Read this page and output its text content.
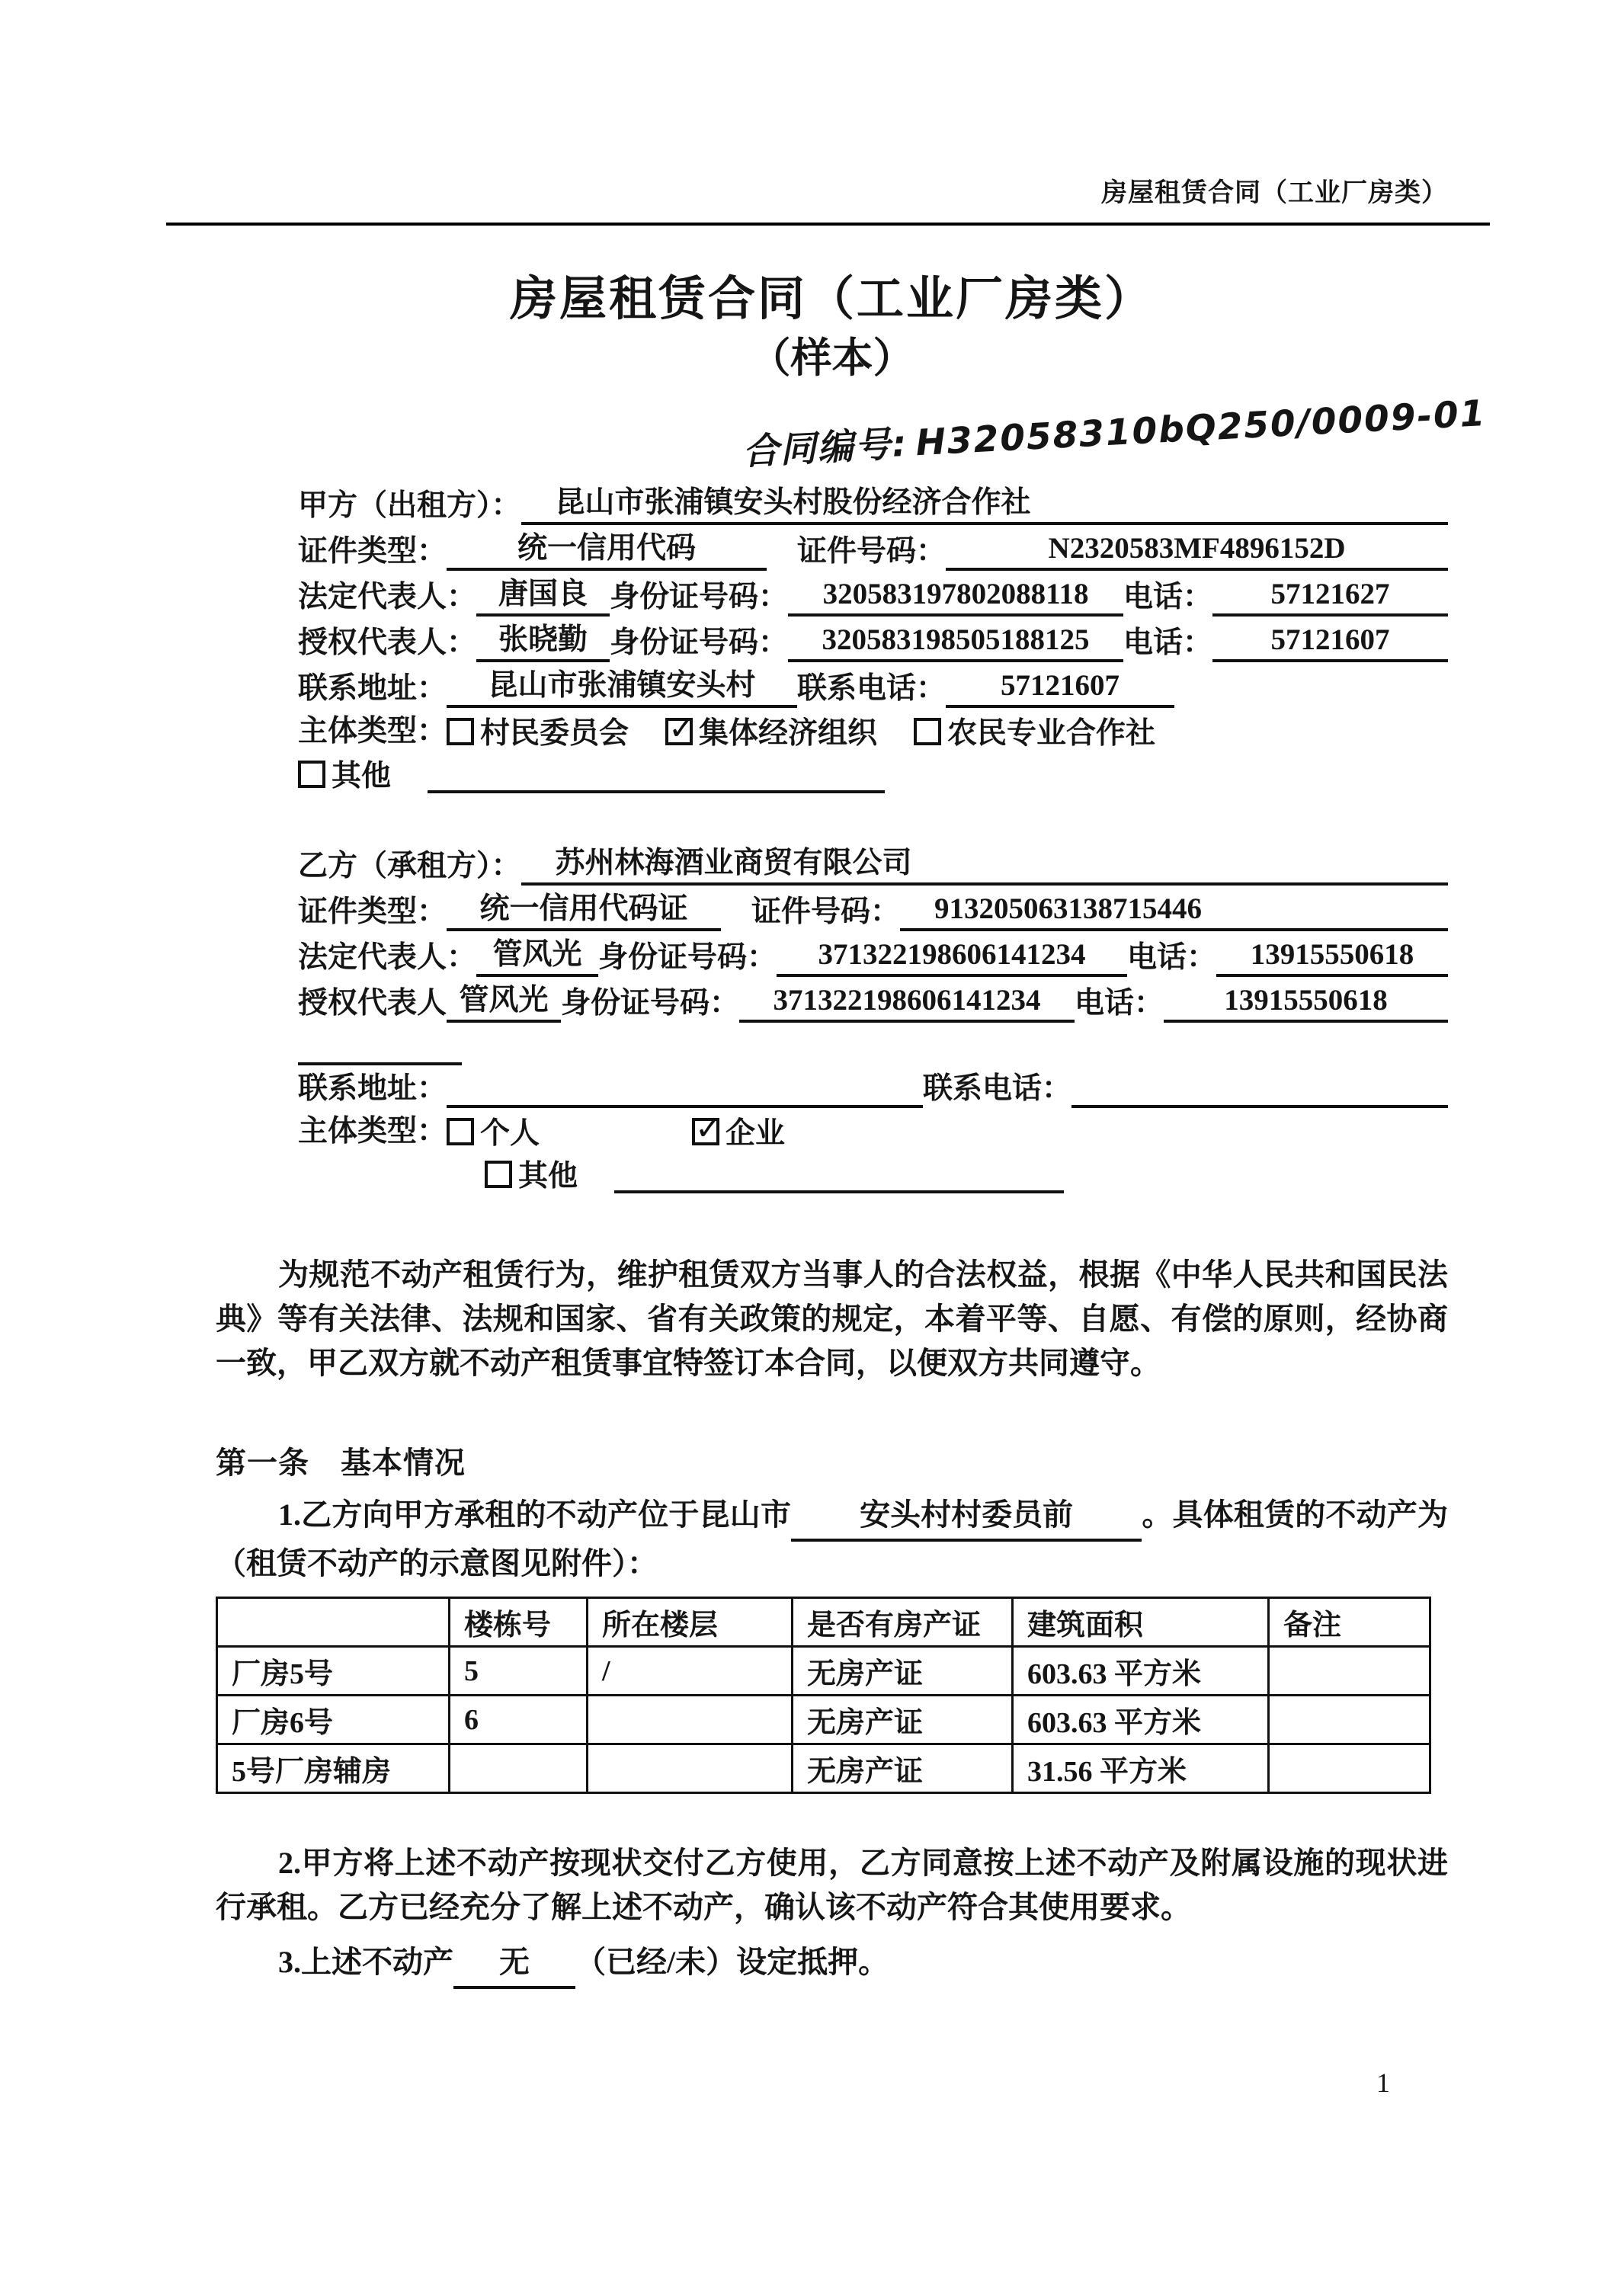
房屋租赁合同（工业厂房类）
房屋租赁合同（工业厂房类）
（样本）
合同编号: H32058310bQ250/0009-01
甲方（出租方）：	昆山市张浦镇安头村股份经济合作社
证件类型：	统一信用代码	证件号码：	N2320583MF4896152D
法定代表人： 唐国良 身份证号码：	320583197802088118	电话：	57121627
授权代表人： 张晓勤 身份证号码：	320583198505188125	电话：	57121607
联系地址：	昆山市张浦镇安头村	联系电话：	57121607
主体类型： 村民委员会 ✓ 集体经济组织 农民专业合作社
其他
乙方（承租方）：	苏州林海酒业商贸有限公司
证件类型：	统一信用代码证	证件号码：	913205063138715446
法定代表人： 管风光 身份证号码：	371322198606141234	电话：	13915550618
授权代表人 管风光 身份证号码：	371322198606141234	电话：	13915550618
联系地址：	联系电话：
主体类型： 个人 ✓	企业
其他

为规范不动产租赁行为，维护租赁双方当事人的合法权益，根据《中华人民共和国民法典》等有关法律、法规和国家、省有关政策的规定，本着平等、自愿、有偿的原则，经协商一致，甲乙双方就不动产租赁事宜特签订本合同，以便双方共同遵守。

第一条　基本情况

1.乙方向甲方承租的不动产位于昆山市 安头村村委员前 。具体租赁的不动产为（租赁不动产的示意图见附件）：

	楼栋号	所在楼层	是否有房产证	建筑面积	备注
厂房5号	5	/	无房产证	603.63 平方米	
厂房6号	6		无房产证	603.63 平方米	
5号厂房辅房			无房产证	31.56 平方米	

2.甲方将上述不动产按现状交付乙方使用，乙方同意按上述不动产及附属设施的现状进行承租。乙方已经充分了解上述不动产，确认该不动产符合其使用要求。

3.上述不动产 无 （已经/未）设定抵押。

1
